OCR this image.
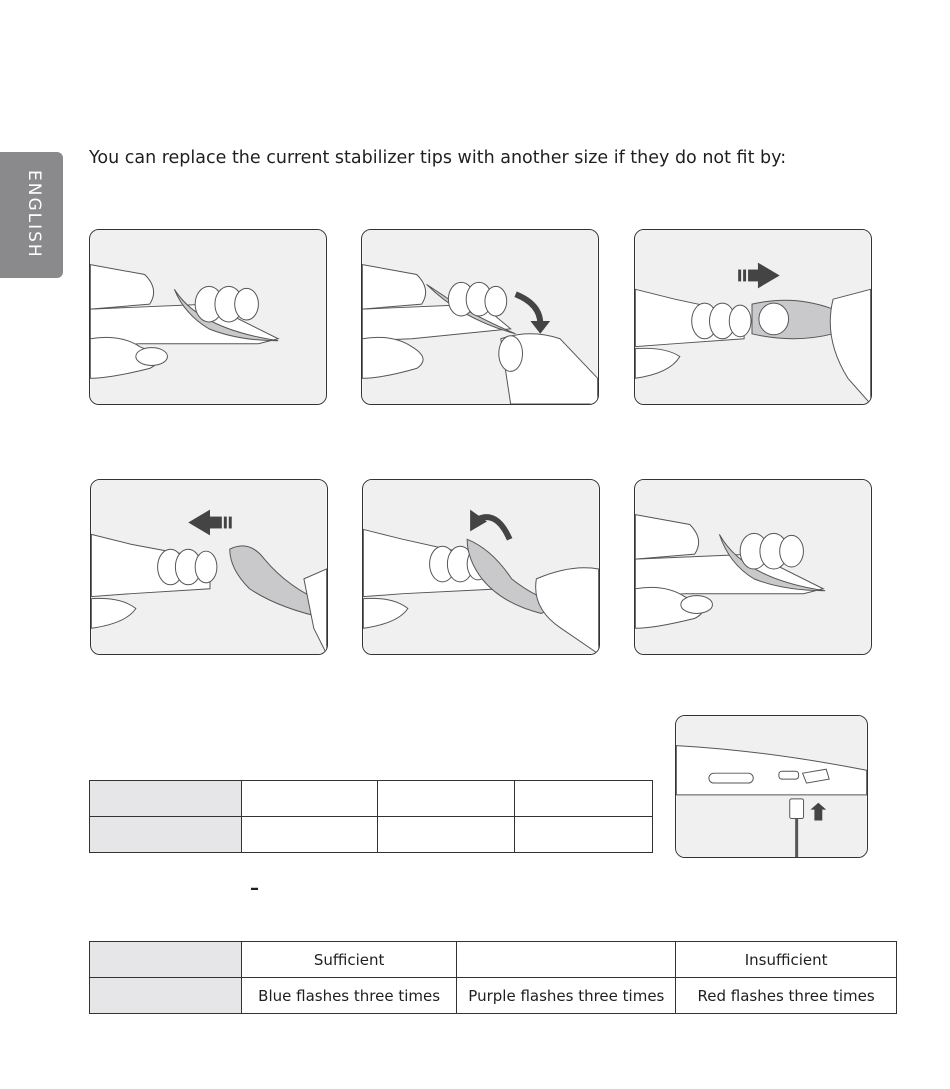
ENGLISH

You can replace the current stabilizer tips with another size if they do not fit by:

–
	Sufficient		Insufficient
	Blue flashes three times	Purple flashes three times	Red flashes three times
